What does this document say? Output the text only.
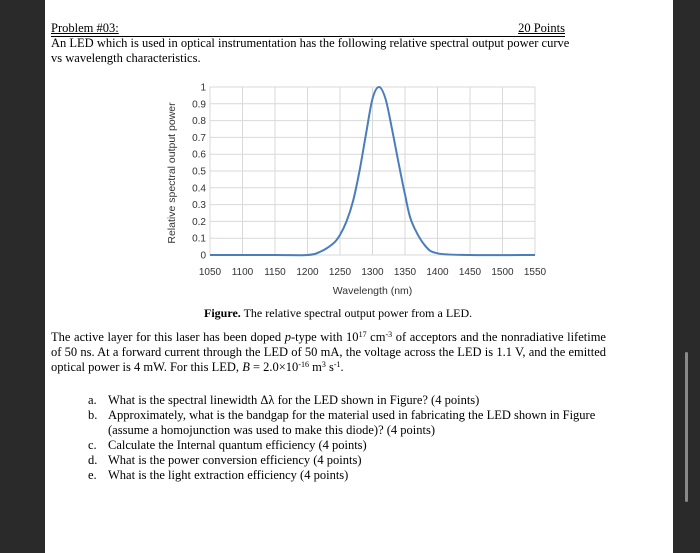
Problem #03:	20 Points
An LED which is used in optical instrumentation has the following relative spectral output power curve vs wavelength characteristics.
0
0.1
0.2
0.3
0.4
0.5
0.6
0.7
0.8
0.9
1
1050 1100 1150 1200 1250 1300 1350 1400 1450 1500 1550
Wavelength (nm)
Relative spectral output power
Figure. The relative spectral output power from a LED.
The active layer for this laser has been doped p-type with $10^{17}$ $cm^{-3}$ of acceptors and the nonradiative lifetime of 50 ns. At a forward current through the LED of 50 mA, the voltage across the LED is 1.1 V, and the emitted optical power is 4 mW. For this LED, $B = 2.0\times 10^{-16}$ $m^3$ $s^{-1}$.
a. What is the spectral linewidth Δλ for the LED shown in Figure? (4 points)
b. Approximately, what is the bandgap for the material used in fabricating the LED shown in Figure (assume a homojunction was used to make this diode)? (4 points)
c. Calculate the Internal quantum efficiency (4 points)
d. What is the power conversion efficiency (4 points)
e. What is the light extraction efficiency (4 points)
